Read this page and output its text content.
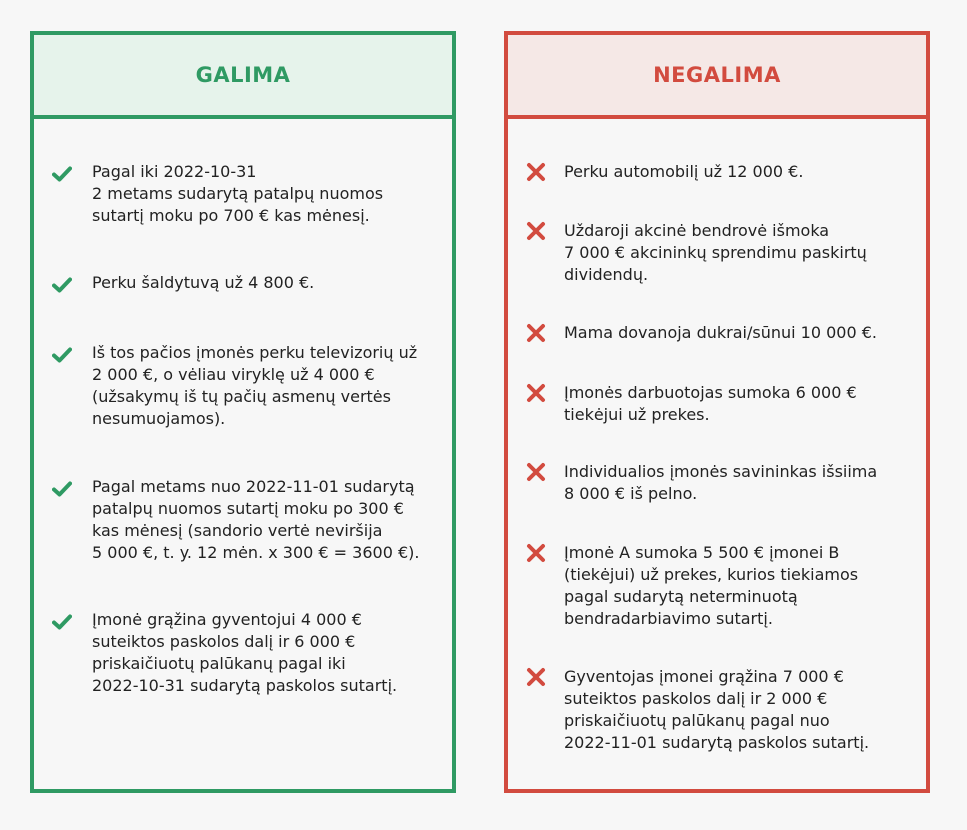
GALIMA
Pagal iki 2022-10-31
2 metams sudarytą patalpų nuomos
sutartį moku po 700 € kas mėnesį.
Perku šaldytuvą už 4 800 €.
Iš tos pačios įmonės perku televizorių už
2 000 €, o vėliau viryklę už 4 000 €
(užsakymų iš tų pačių asmenų vertės
nesumuojamos).
Pagal metams nuo 2022-11-01 sudarytą
patalpų nuomos sutartį moku po 300 €
kas mėnesį (sandorio vertė neviršija
5 000 €, t. y. 12 mėn. x 300 € = 3600 €).
Įmonė grąžina gyventojui 4 000 €
suteiktos paskolos dalį ir 6 000 €
priskaičiuotų palūkanų pagal iki
2022-10-31 sudarytą paskolos sutartį.
NEGALIMA
Perku automobilį už 12 000 €.
Uždaroji akcinė bendrovė išmoka
7 000 € akcininkų sprendimu paskirtų
dividendų.
Mama dovanoja dukrai/sūnui 10 000 €.
Įmonės darbuotojas sumoka 6 000 €
tiekėjui už prekes.
Individualios įmonės savininkas išsiima
8 000 € iš pelno.
Įmonė A sumoka 5 500 € įmonei B
(tiekėjui) už prekes, kurios tiekiamos
pagal sudarytą neterminuotą
bendradarbiavimo sutartį.
Gyventojas įmonei grąžina 7 000 €
suteiktos paskolos dalį ir 2 000 €
priskaičiuotų palūkanų pagal nuo
2022-11-01 sudarytą paskolos sutartį.
